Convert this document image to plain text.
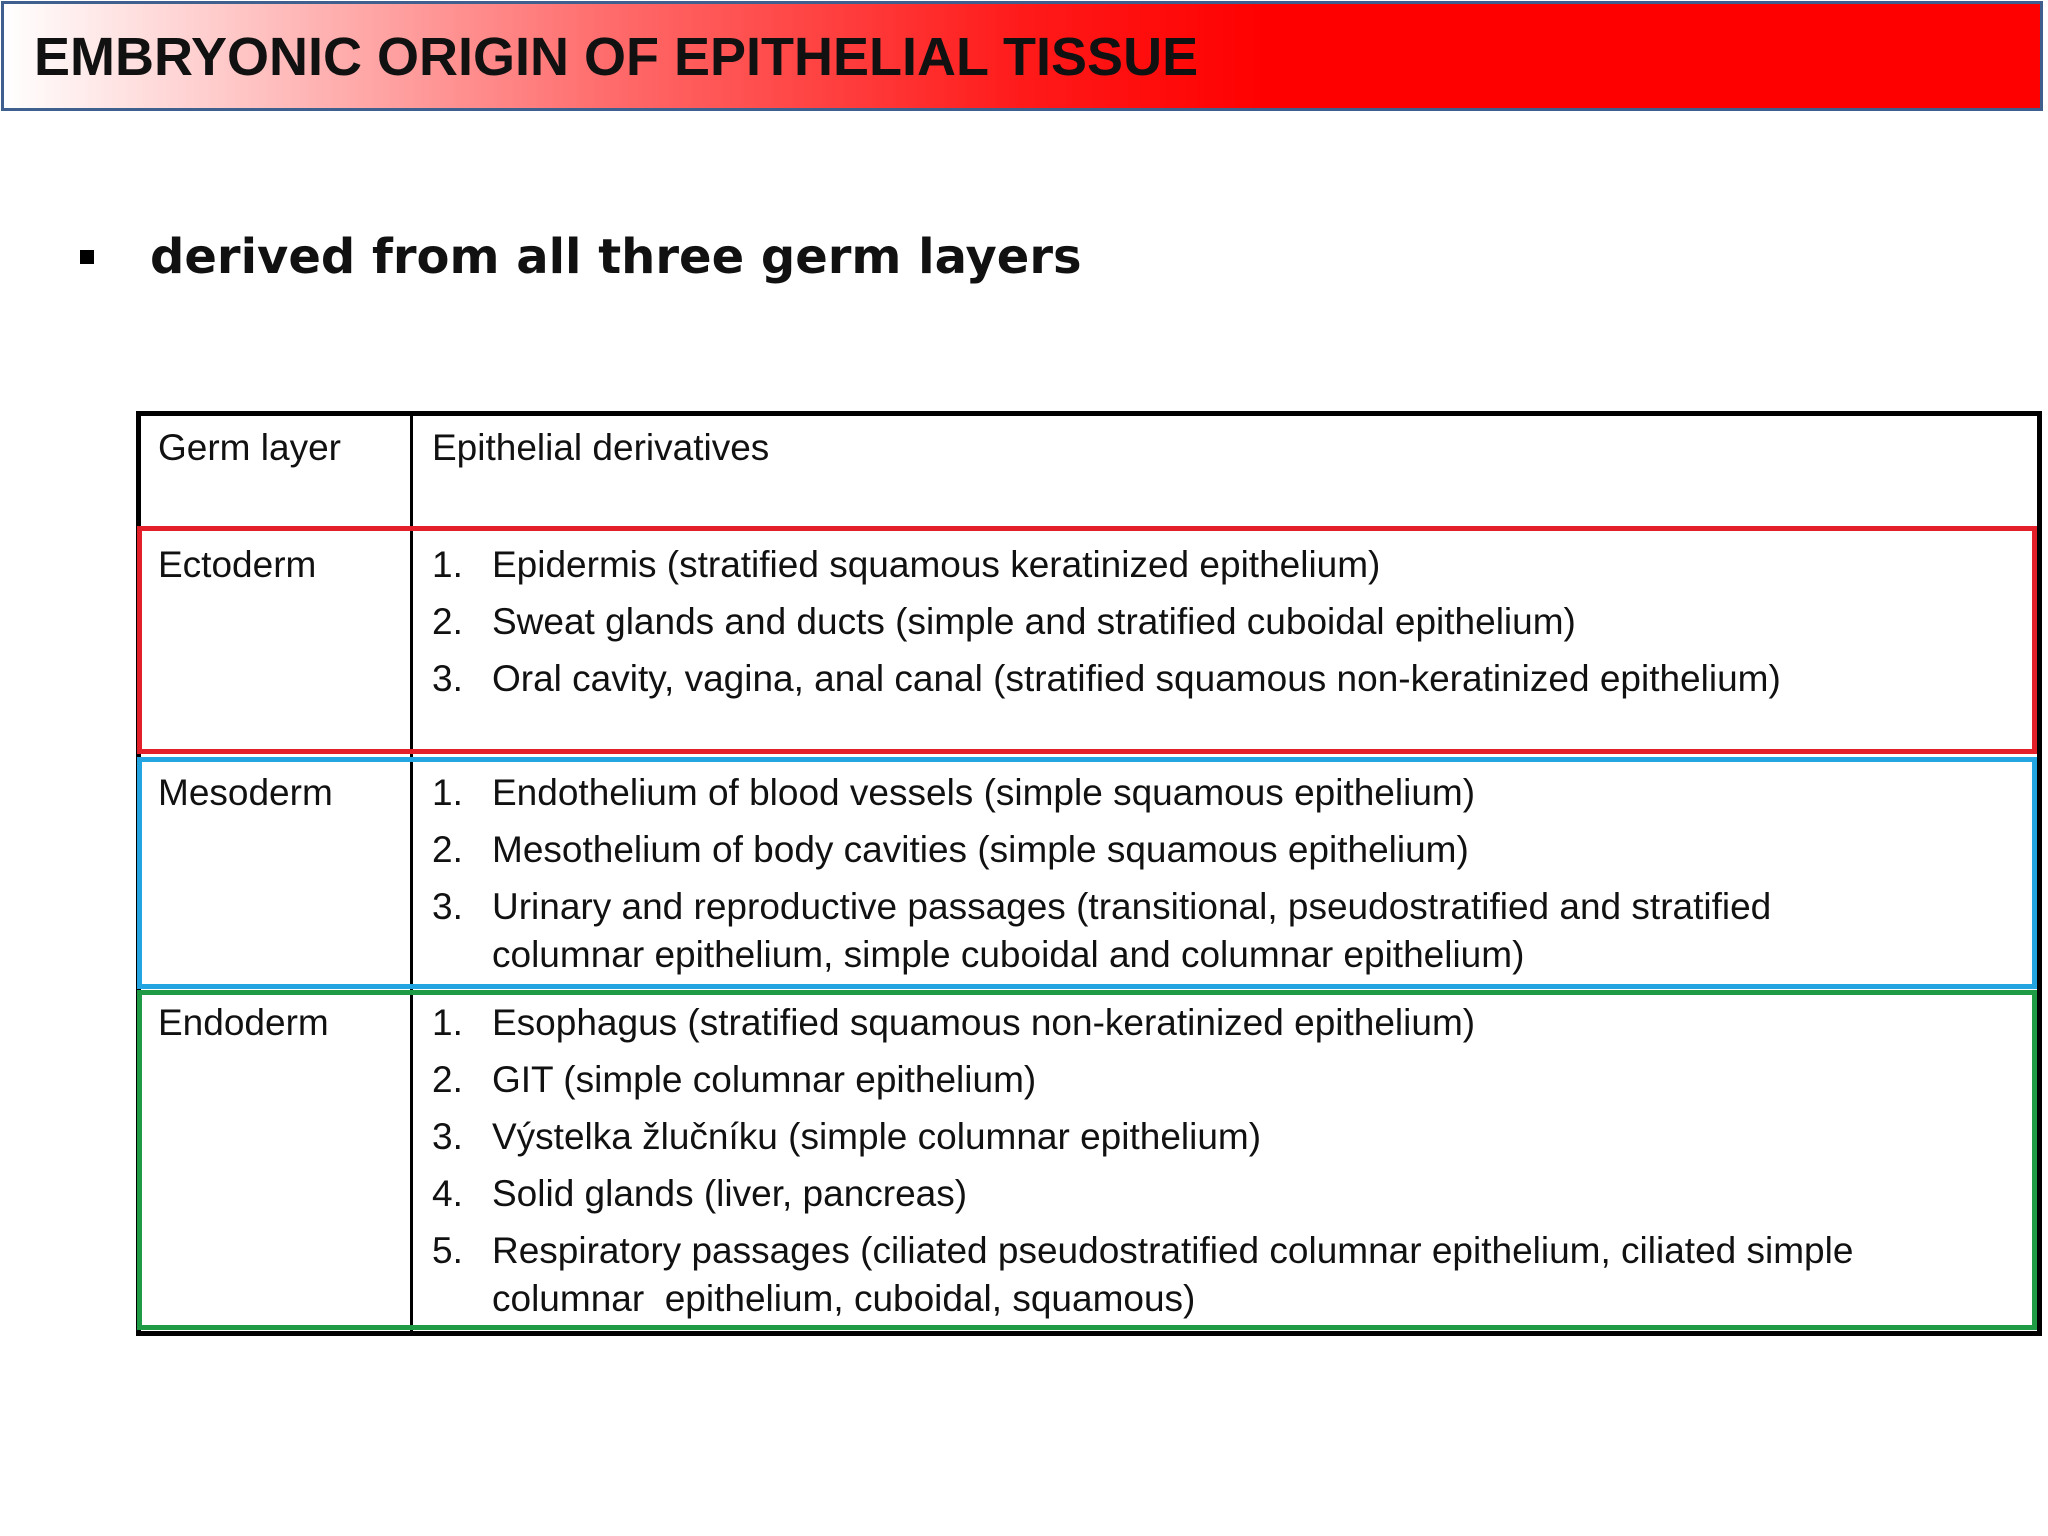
EMBRYONIC ORIGIN OF EPITHELIAL TISSUE
derived from all three germ layers
Germ layer Epithelial derivatives
Ectoderm	1. Epidermis (stratified squamous keratinized epithelium)
2. Sweat glands and ducts (simple and stratified cuboidal epithelium)
3. Oral cavity, vagina, anal canal (stratified squamous non-keratinized epithelium)
Mesoderm	1. Endothelium of blood vessels (simple squamous epithelium)
2. Mesothelium of body cavities (simple squamous epithelium)
3. Urinary and reproductive passages (transitional, pseudostratified and stratified
columnar epithelium, simple cuboidal and columnar epithelium)
Endoderm	1. Esophagus (stratified squamous non-keratinized epithelium)
2. GIT (simple columnar epithelium)
3. Výstelka žlučníku (simple columnar epithelium)
4. Solid glands (liver, pancreas)
5. Respiratory passages (ciliated pseudostratified columnar epithelium, ciliated simple
columnar  epithelium, cuboidal, squamous)
